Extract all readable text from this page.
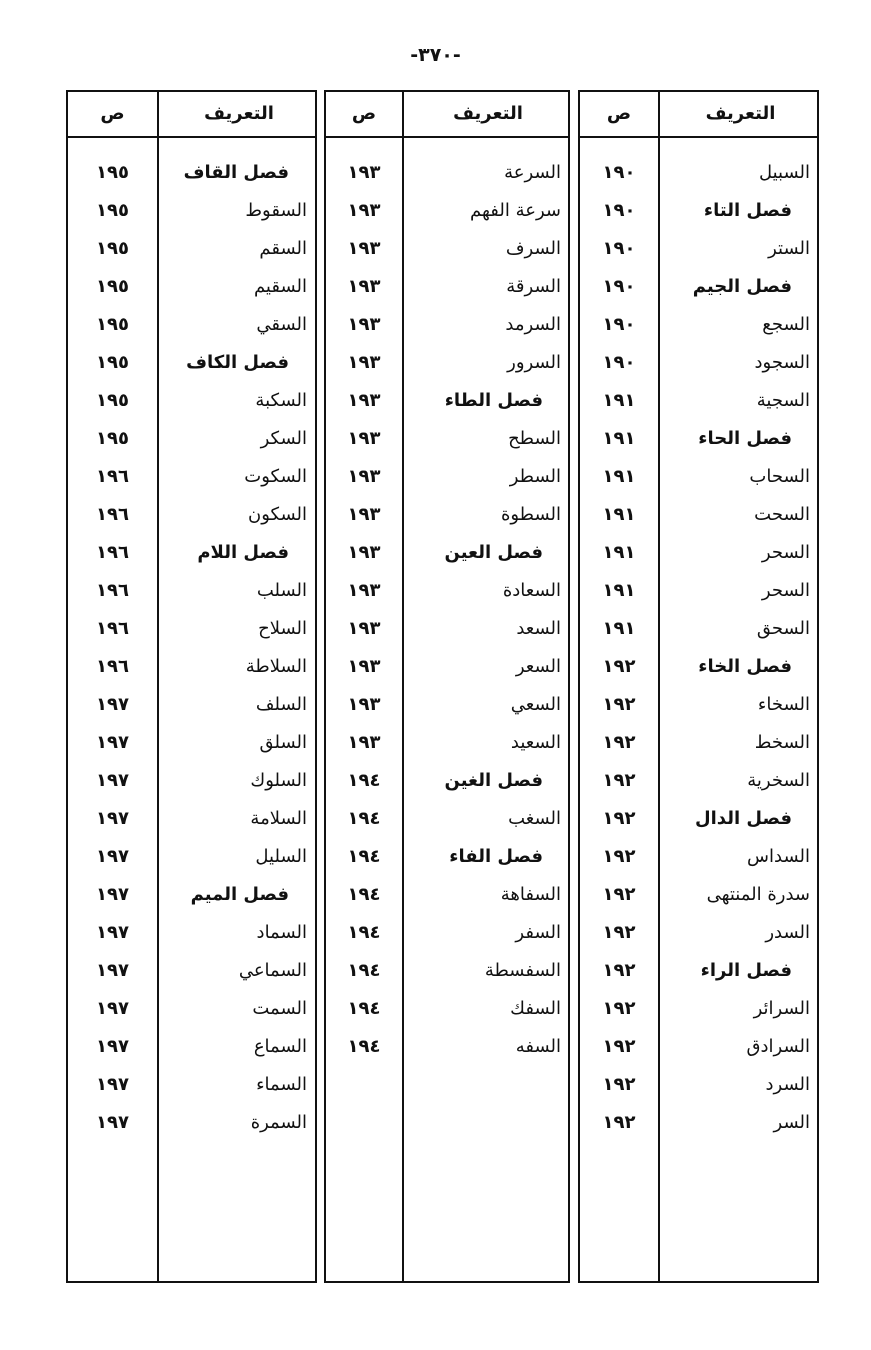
-٣٧٠-
التعريف
ص
السبيل
١٩٠
فصل التاء
١٩٠
الستر
١٩٠
فصل الجيم
١٩٠
السجع
١٩٠
السجود
١٩٠
السجية
١٩١
فصل الحاء
١٩١
السحاب
١٩١
السحت
١٩١
السحر
١٩١
السحر
١٩١
السحق
١٩١
فصل الخاء
١٩٢
السخاء
١٩٢
السخط
١٩٢
السخرية
١٩٢
فصل الدال
١٩٢
السداس
١٩٢
سدرة المنتهى
١٩٢
السدر
١٩٢
فصل الراء
١٩٢
السرائر
١٩٢
السرادق
١٩٢
السرد
١٩٢
السر
١٩٢
التعريف
ص
السرعة
١٩٣
سرعة الفهم
١٩٣
السرف
١٩٣
السرقة
١٩٣
السرمد
١٩٣
السرور
١٩٣
فصل الطاء
١٩٣
السطح
١٩٣
السطر
١٩٣
السطوة
١٩٣
فصل العين
١٩٣
السعادة
١٩٣
السعد
١٩٣
السعر
١٩٣
السعي
١٩٣
السعيد
١٩٣
فصل الغين
١٩٤
السغب
١٩٤
فصل الفاء
١٩٤
السفاهة
١٩٤
السفر
١٩٤
السفسطة
١٩٤
السفك
١٩٤
السفه
١٩٤
التعريف
ص
فصل القاف
١٩٥
السقوط
١٩٥
السقم
١٩٥
السقيم
١٩٥
السقي
١٩٥
فصل الكاف
١٩٥
السكبة
١٩٥
السكر
١٩٥
السكوت
١٩٦
السكون
١٩٦
فصل اللام
١٩٦
السلب
١٩٦
السلاح
١٩٦
السلاطة
١٩٦
السلف
١٩٧
السلق
١٩٧
السلوك
١٩٧
السلامة
١٩٧
السليل
١٩٧
فصل الميم
١٩٧
السماد
١٩٧
السماعي
١٩٧
السمت
١٩٧
السماع
١٩٧
السماء
١٩٧
السمرة
١٩٧
